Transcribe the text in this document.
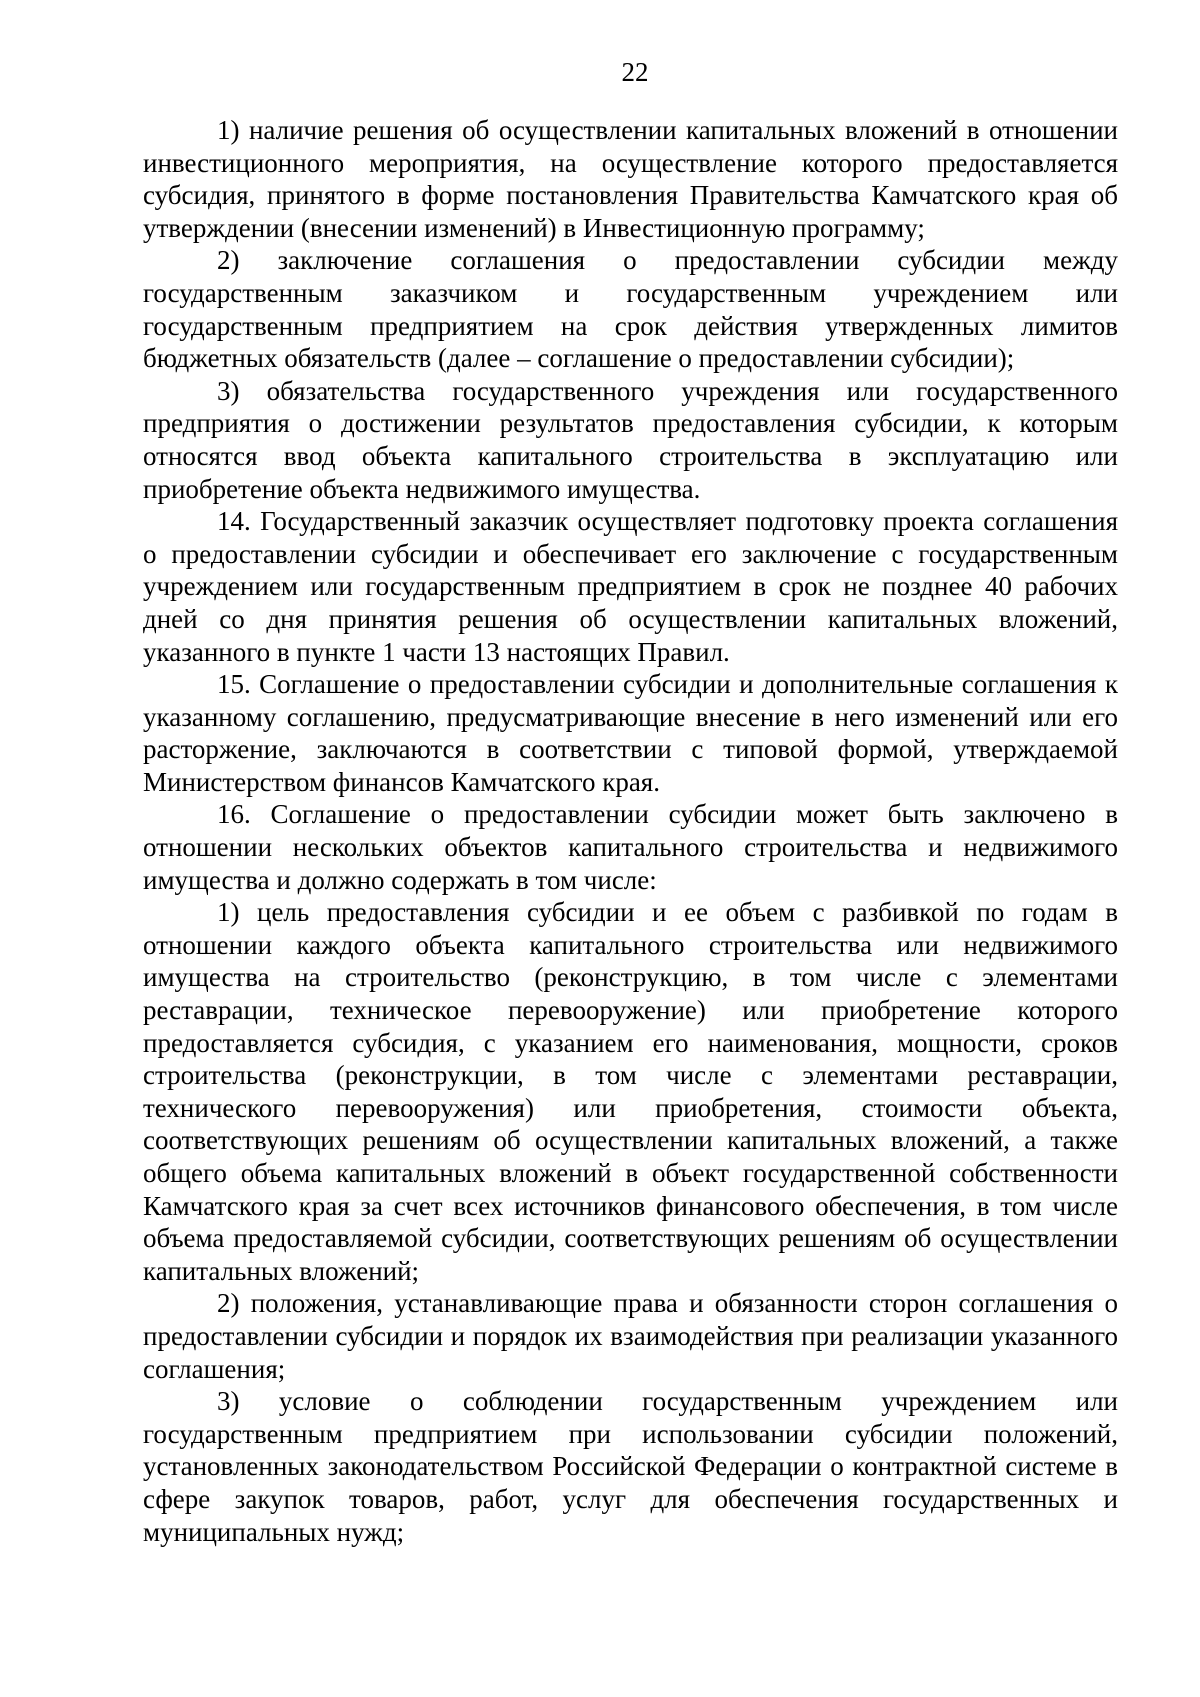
22

1) наличие решения об осуществлении капитальных вложений в отношении инвестиционного мероприятия, на осуществление которого предоставляется субсидия, принятого в форме постановления Правительства Камчатского края об утверждении (внесении изменений) в Инвестиционную программу;

2) заключение соглашения о предоставлении субсидии между государственным заказчиком и государственным учреждением или государственным предприятием на срок действия утвержденных лимитов бюджетных обязательств (далее – соглашение о предоставлении субсидии);

3) обязательства государственного учреждения или государственного предприятия о достижении результатов предоставления субсидии, к которым относятся ввод объекта капитального строительства в эксплуатацию или приобретение объекта недвижимого имущества.

14. Государственный заказчик осуществляет подготовку проекта соглашения о предоставлении субсидии и обеспечивает его заключение с государственным учреждением или государственным предприятием в срок не позднее 40 рабочих дней со дня принятия решения об осуществлении капитальных вложений, указанного в пункте 1 части 13 настоящих Правил.

15. Соглашение о предоставлении субсидии и дополнительные соглашения к указанному соглашению, предусматривающие внесение в него изменений или его расторжение, заключаются в соответствии с типовой формой, утверждаемой Министерством финансов Камчатского края.

16. Соглашение о предоставлении субсидии может быть заключено в отношении нескольких объектов капитального строительства и недвижимого имущества и должно содержать в том числе:

1) цель предоставления субсидии и ее объем с разбивкой по годам в отношении каждого объекта капитального строительства или недвижимого имущества на строительство (реконструкцию, в том числе с элементами реставрации, техническое перевооружение) или приобретение которого предоставляется субсидия, с указанием его наименования, мощности, сроков строительства (реконструкции, в том числе с элементами реставрации, технического перевооружения) или приобретения, стоимости объекта, соответствующих решениям об осуществлении капитальных вложений, а также общего объема капитальных вложений в объект государственной собственности Камчатского края за счет всех источников финансового обеспечения, в том числе объема предоставляемой субсидии, соответствующих решениям об осуществлении капитальных вложений;

2) положения, устанавливающие права и обязанности сторон соглашения о предоставлении субсидии и порядок их взаимодействия при реализации указанного соглашения;

3) условие о соблюдении государственным учреждением или государственным предприятием при использовании субсидии положений, установленных законодательством Российской Федерации о контрактной системе в сфере закупок товаров, работ, услуг для обеспечения государственных и муниципальных нужд;
